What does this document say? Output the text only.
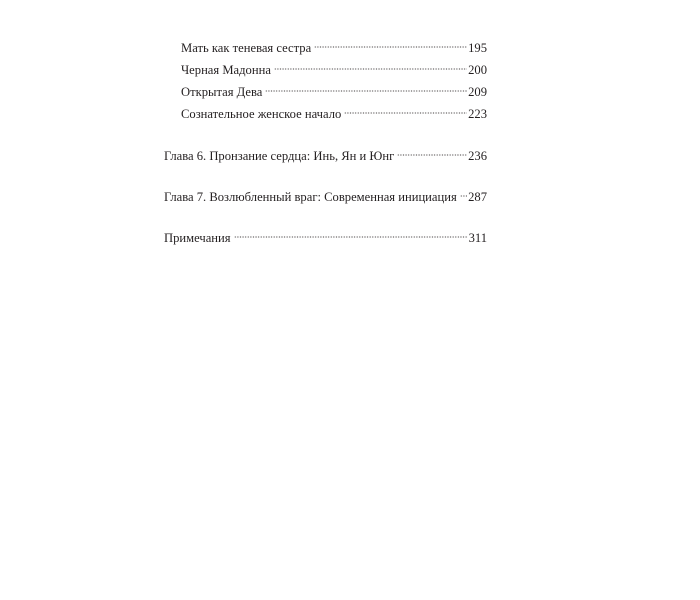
Мать как теневая сестра	195
Черная Мадонна	200
Открытая Дева	209
Сознательное женское начало	223
Глава 6. Пронзание сердца: Инь, Ян и Юнг	236
Глава 7. Возлюбленный враг: Современная инициация 287
Примечания	311
